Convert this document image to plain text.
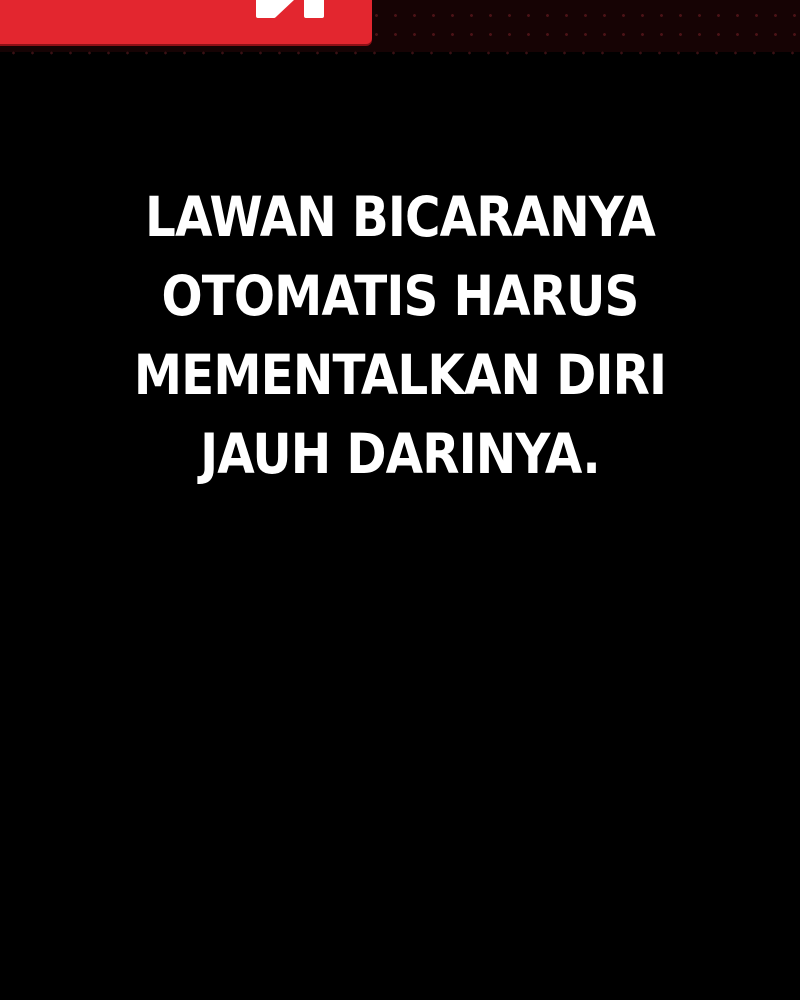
LAWAN BICARANYA
OTOMATIS HARUS
MEMENTALKAN DIRI
JAUH DARINYA.
